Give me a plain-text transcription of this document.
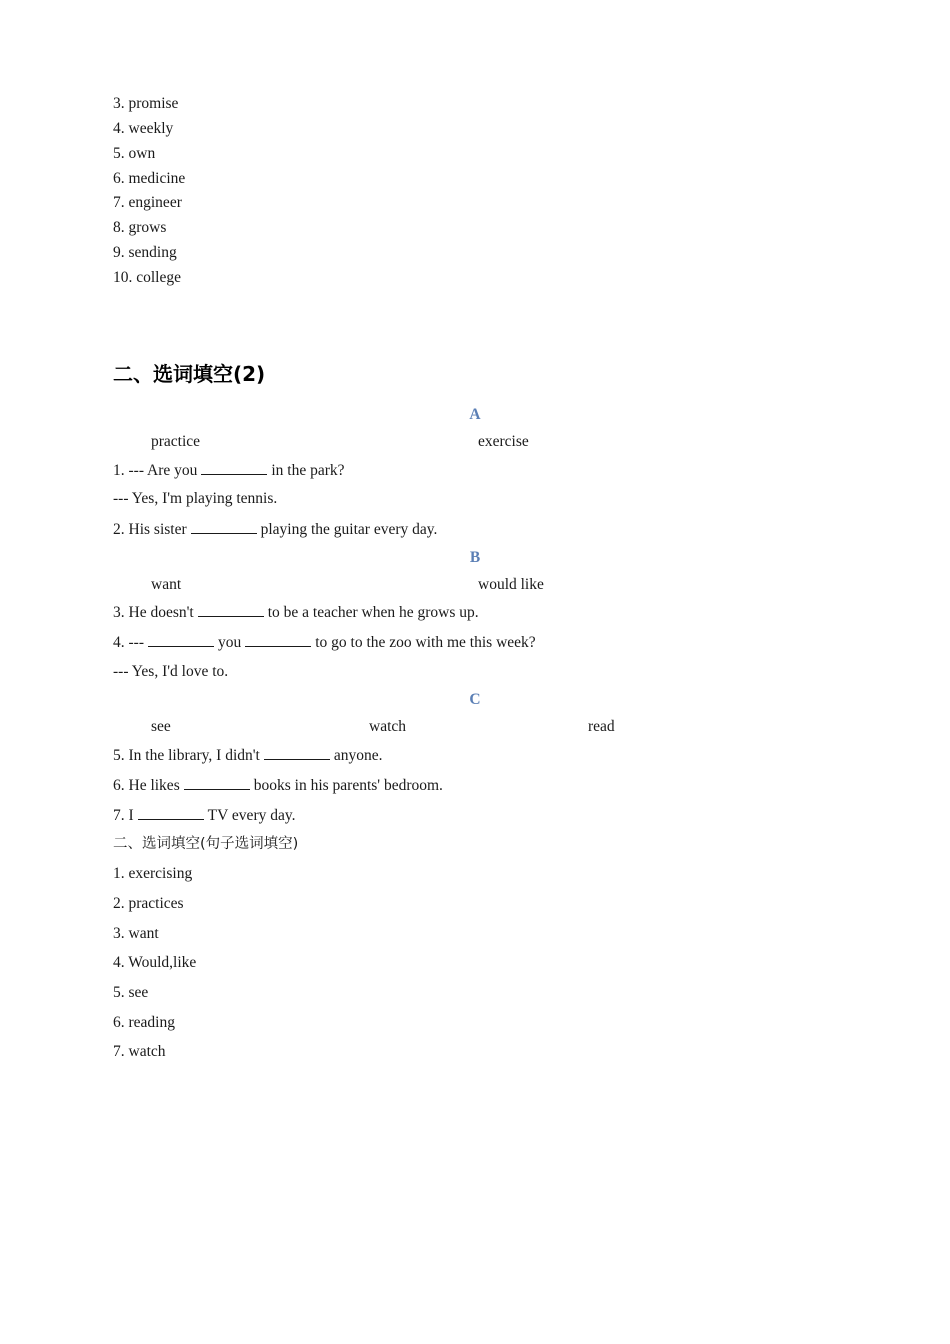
3. promise
4. weekly
5. own
6. medicine
7. engineer
8. grows
9. sending
10. college
二、选词填空(2)
A
practice	exercise
1. --- Are you	in the park?
--- Yes, I'm playing tennis.
2. His sister	playing the guitar every day.
B
want	would like
3. He doesn't	to be a teacher when he grows up.
4. ---	you	to go to the zoo with me this week?
--- Yes, I'd love to.
C
see	watch	read
5. In the library, I didn't	anyone.
6. He likes	books in his parents' bedroom.
7. I	TV every day.
二、选词填空(句子选词填空)
1. exercising
2. practices
3. want
4. Would,like
5. see
6. reading
7. watch
